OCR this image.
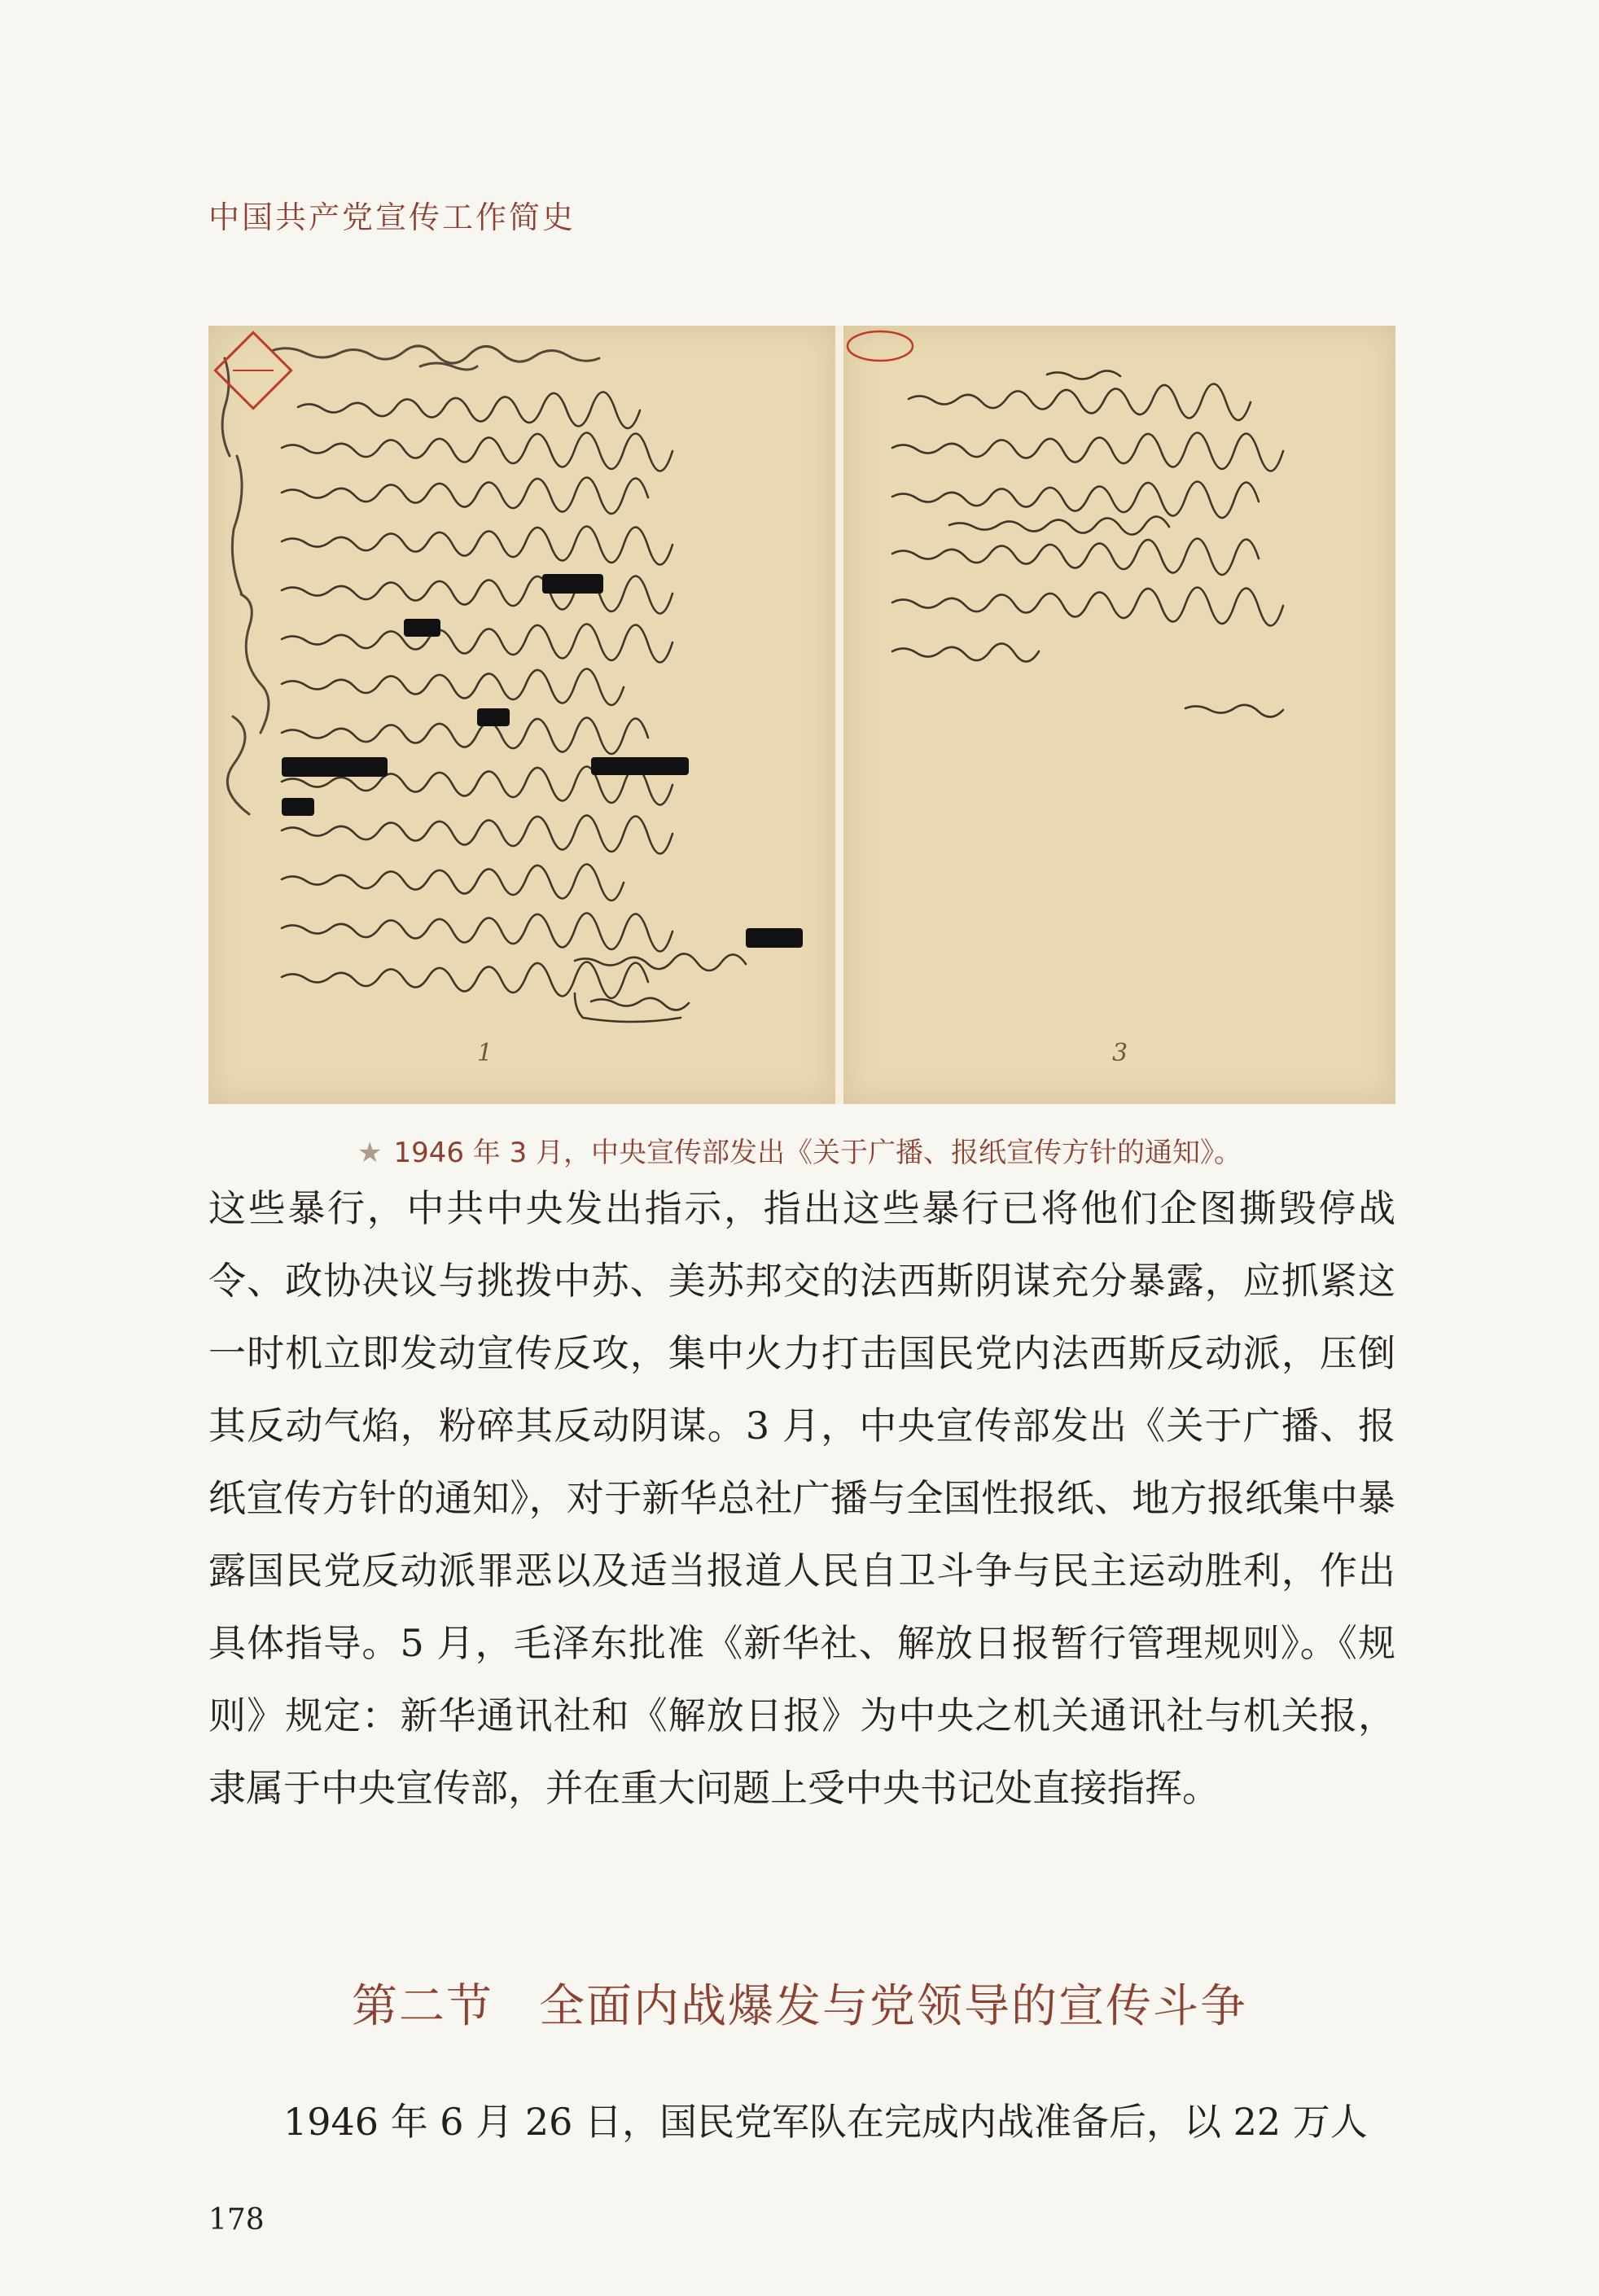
中国共产党宣传工作简史
1	3
★ 1946 年 3 月，中央宣传部发出《关于广播、报纸宣传方针的通知》。

这些暴行，中共中央发出指示，指出这些暴行已将他们企图撕毁停战令、政协决议与挑拨中苏、美苏邦交的法西斯阴谋充分暴露，应抓紧这一时机立即发动宣传反攻，集中火力打击国民党内法西斯反动派，压倒其反动气焰，粉碎其反动阴谋。3 月，中央宣传部发出《关于广播、报纸宣传方针的通知》，对于新华总社广播与全国性报纸、地方报纸集中暴露国民党反动派罪恶以及适当报道人民自卫斗争与民主运动胜利，作出具体指导。5 月，毛泽东批准《新华社、解放日报暂行管理规则》。《规则》规定：新华通讯社和《解放日报》为中央之机关通讯社与机关报，隶属于中央宣传部，并在重大问题上受中央书记处直接指挥。

第二节 全面内战爆发与党领导的宣传斗争

1946 年 6 月 26 日，国民党军队在完成内战准备后，以 22 万人

178
